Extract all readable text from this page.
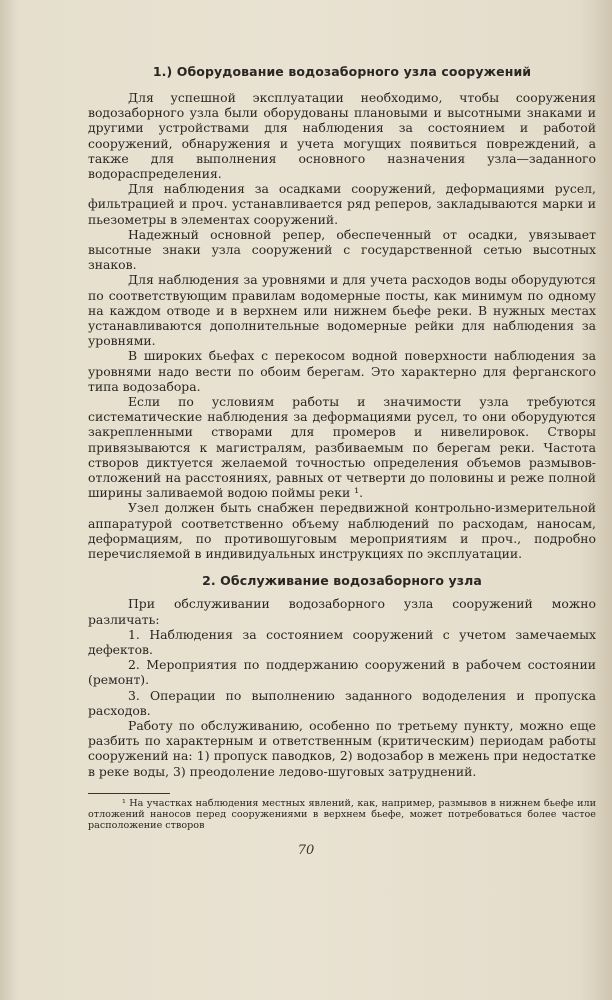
1.) Оборудование водозаборного узла сооружений

Для успешной эксплуатации необходимо, чтобы сооружения водозаборного узла были оборудованы плановыми и высотными знаками и другими устройствами для наблюдения за состоянием и работой сооружений, обнаружения и учета могущих появиться повреждений, а также для выполнения основного назначения узла—заданного водораспределения.

Для наблюдения за осадками сооружений, деформациями русел, фильтрацией и проч. устанавливается ряд реперов, закладываются марки и пьезометры в элементах сооружений.

Надежный основной репер, обеспеченный от осадки, увязывает высотные знаки узла сооружений с государственной сетью высотных знаков.

Для наблюдения за уровнями и для учета расходов воды оборудуются по соответствующим правилам водомерные посты, как минимум по одному на каждом отводе и в верхнем или нижнем бьефе реки. В нужных местах устанавливаются дополнительные водомерные рейки для наблюдения за уровнями.

В широких бьефах с перекосом водной поверхности наблюдения за уровнями надо вести по обоим берегам. Это характерно для ферганского типа водозабора.

Если по условиям работы и значимости узла требуются систематические наблюдения за деформациями русел, то они оборудуются закрепленными створами для промеров и нивелировок. Створы привязываются к магистралям, разбиваемым по берегам реки. Частота створов диктуется желаемой точностью определения объемов размывов-отложений на расстояниях, равных от четверти до половины и реже полной ширины заливаемой водою поймы реки ¹.

Узел должен быть снабжен передвижной контрольно-измерительной аппаратурой соответственно объему наблюдений по расходам, наносам, деформациям, по противошуговым мероприятиям и проч., подробно перечисляемой в индивидуальных инструкциях по эксплуатации.

2. Обслуживание водозаборного узла

При обслуживании водозаборного узла сооружений можно различать:

1. Наблюдения за состоянием сооружений с учетом замечаемых дефектов.

2. Мероприятия по поддержанию сооружений в рабочем состоянии (ремонт).

3. Операции по выполнению заданного вододеления и пропуска расходов.

Работу по обслуживанию, особенно по третьему пункту, можно еще разбить по характерным и ответственным (критическим) периодам работы сооружений на: 1) пропуск паводков, 2) водозабор в межень при недостатке в реке воды, 3) преодоление ледово-шуговых затруднений.

¹ На участках наблюдения местных явлений, как, например, размывов в нижнем бьефе или отложений наносов перед сооружениями в верхнем бьефе, может потребоваться более частое расположение створов

70
